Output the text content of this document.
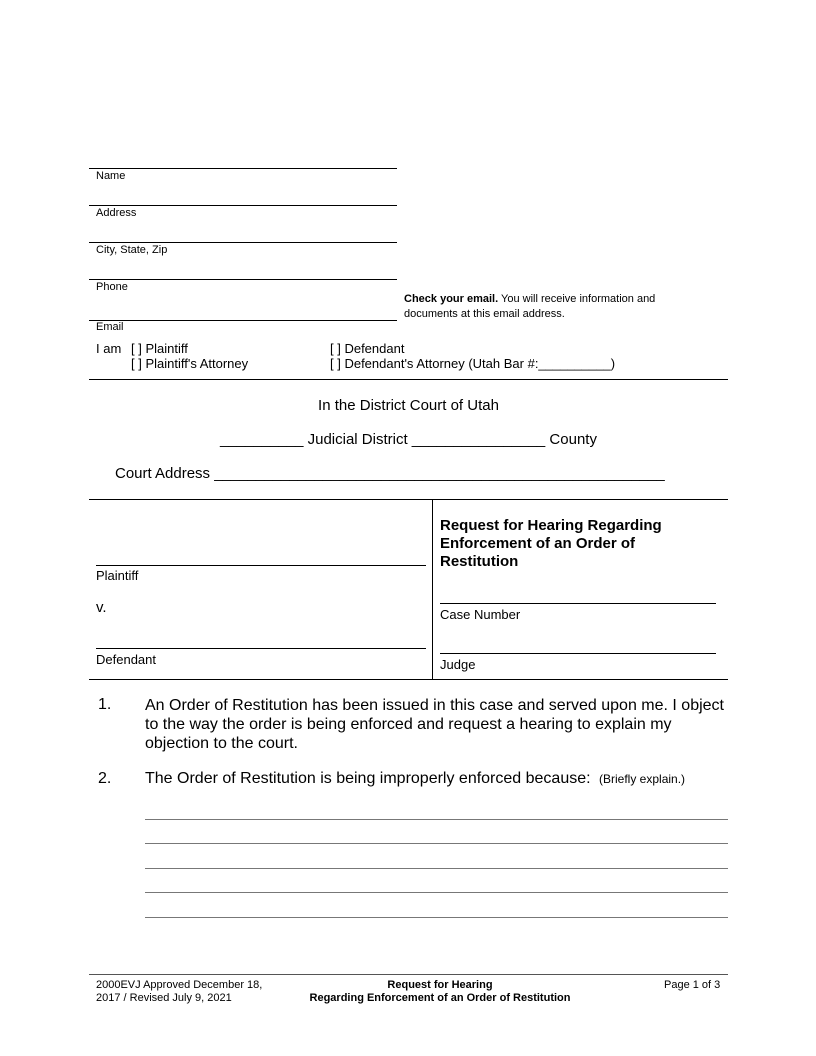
Name
Address
City, State, Zip
Phone
Check your email. You will receive information and documents at this email address.
Email
I am [ ] Plaintiff
[ ] Plaintiff's Attorney
[ ] Defendant
[ ] Defendant's Attorney (Utah Bar #:__________)
In the District Court of Utah
__________ Judicial District ________________ County
Court Address ______________________________________________________
Plaintiff
v.
Defendant
Request for Hearing Regarding Enforcement of an Order of Restitution
Case Number
Judge
1. An Order of Restitution has been issued in this case and served upon me. I object to the way the order is being enforced and request a hearing to explain my objection to the court.
2. The Order of Restitution is being improperly enforced because: (Briefly explain.)
2000EVJ Approved December 18, 2017 / Revised July 9, 2021
Request for Hearing
Regarding Enforcement of an Order of Restitution
Page 1 of 3
